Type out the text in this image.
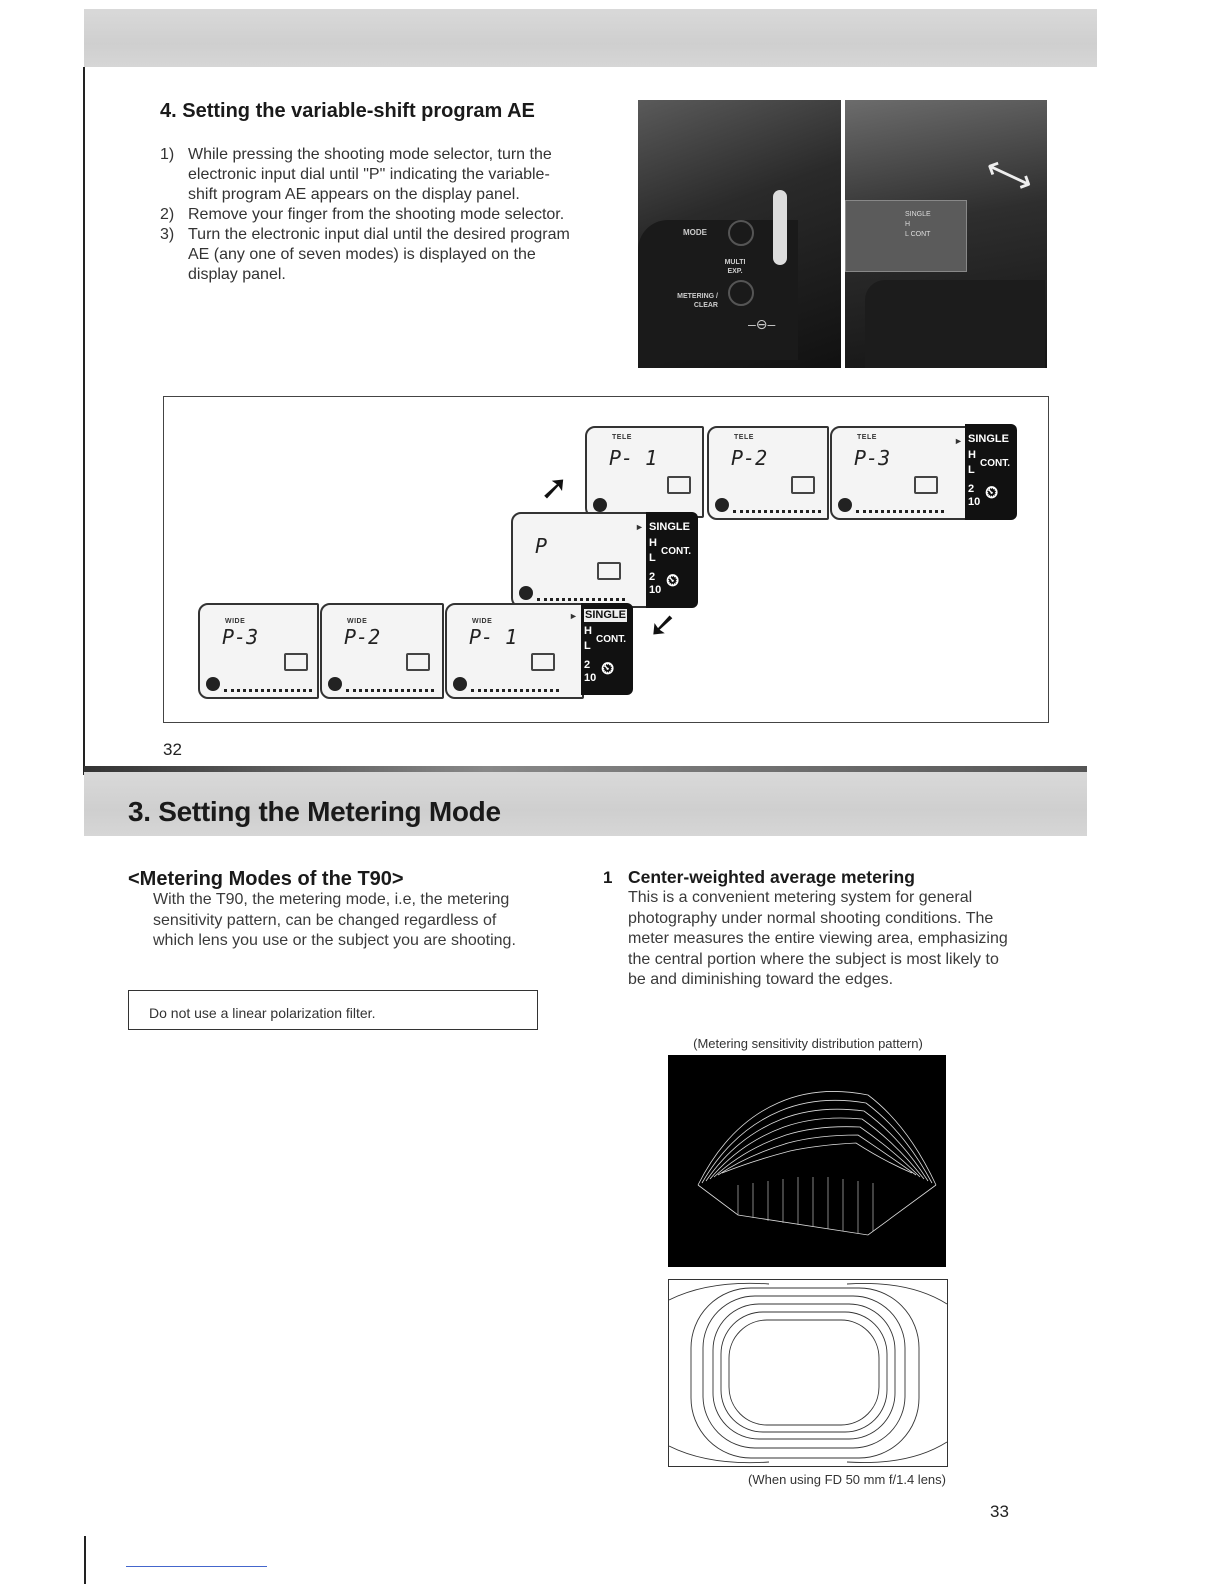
4. Setting the variable-shift program AE
1) While pressing the shooting mode selector, turn the electronic input dial until "P" indicating the variable-shift program AE appears on the display panel.
2) Remove your finger from the shooting mode selector.
3) Turn the electronic input dial until the desired program AE (any one of seven modes) is displayed on the display panel.
MODE
MULTI EXP.
METERING / CLEAR
–⊖–
SINGLE
H
L CONT
⟷
TELE
P- 1
TELE
P-2
TELE	►
P-3
SINGLE
H
CONT.
L
2
10 ⏲
➚
►
P
SINGLE
H
CONT.
L
2
10 ⏲
WIDE
P-3
WIDE
P-2
WIDE
►
P- 1
SINGLE
H
CONT.
L
2
10 ⏲
➚
32
3. Setting the Metering Mode
<Metering Modes of the T90>
With the T90, the metering mode, i.e, the metering sensitivity pattern, can be changed regardless of which lens you use or the subject you are shooting.
Do not use a linear polarization filter.
1 Center-weighted average metering
This is a convenient metering system for general photography under normal shooting conditions. The meter measures the entire viewing area, emphasizing the central portion where the subject is most likely to be and diminishing toward the edges.
(Metering sensitivity distribution pattern)
(When using FD 50 mm f/1.4 lens)
33
